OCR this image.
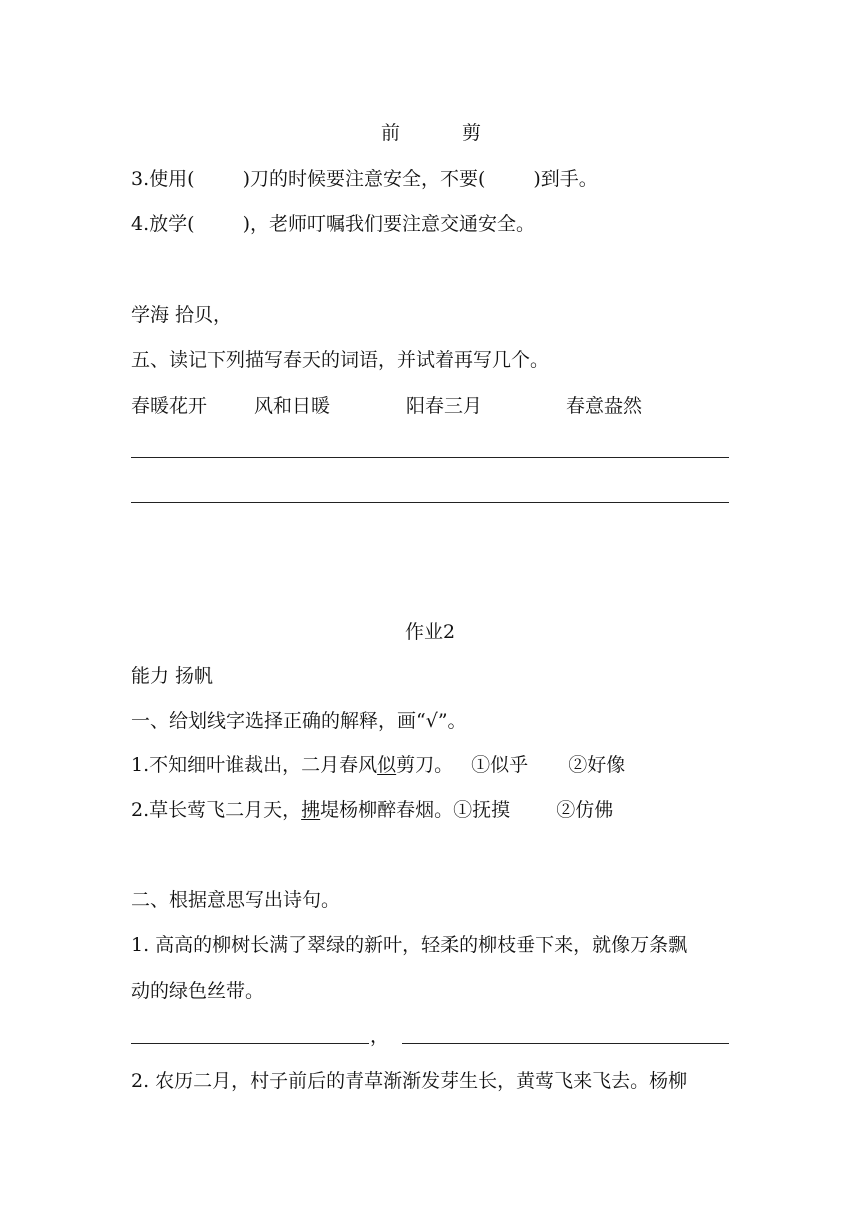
前	剪
3.使用(	)刀的时候要注意安全，不要(	)到手。
4.放学(	)，老师叮嘱我们要注意交通安全。
学海 拾贝，
五、读记下列描写春天的词语，并试着再写几个。
春暖花开 风和日暖	阳春三月	春意盎然
作业2
能力 扬帆
一、给划线字选择正确的解释，画“√”。
1.不知细叶谁裁出，二月春风似剪刀。 ①似乎 ②好像
2.草长莺飞二月天，拂堤杨柳醉春烟。①抚摸 ②仿佛
二、根据意思写出诗句。
1. 高高的柳树长满了翠绿的新叶，轻柔的柳枝垂下来，就像万条飘
动的绿色丝带。
，
2. 农历二月，村子前后的青草渐渐发芽生长，黄莺飞来飞去。杨柳
